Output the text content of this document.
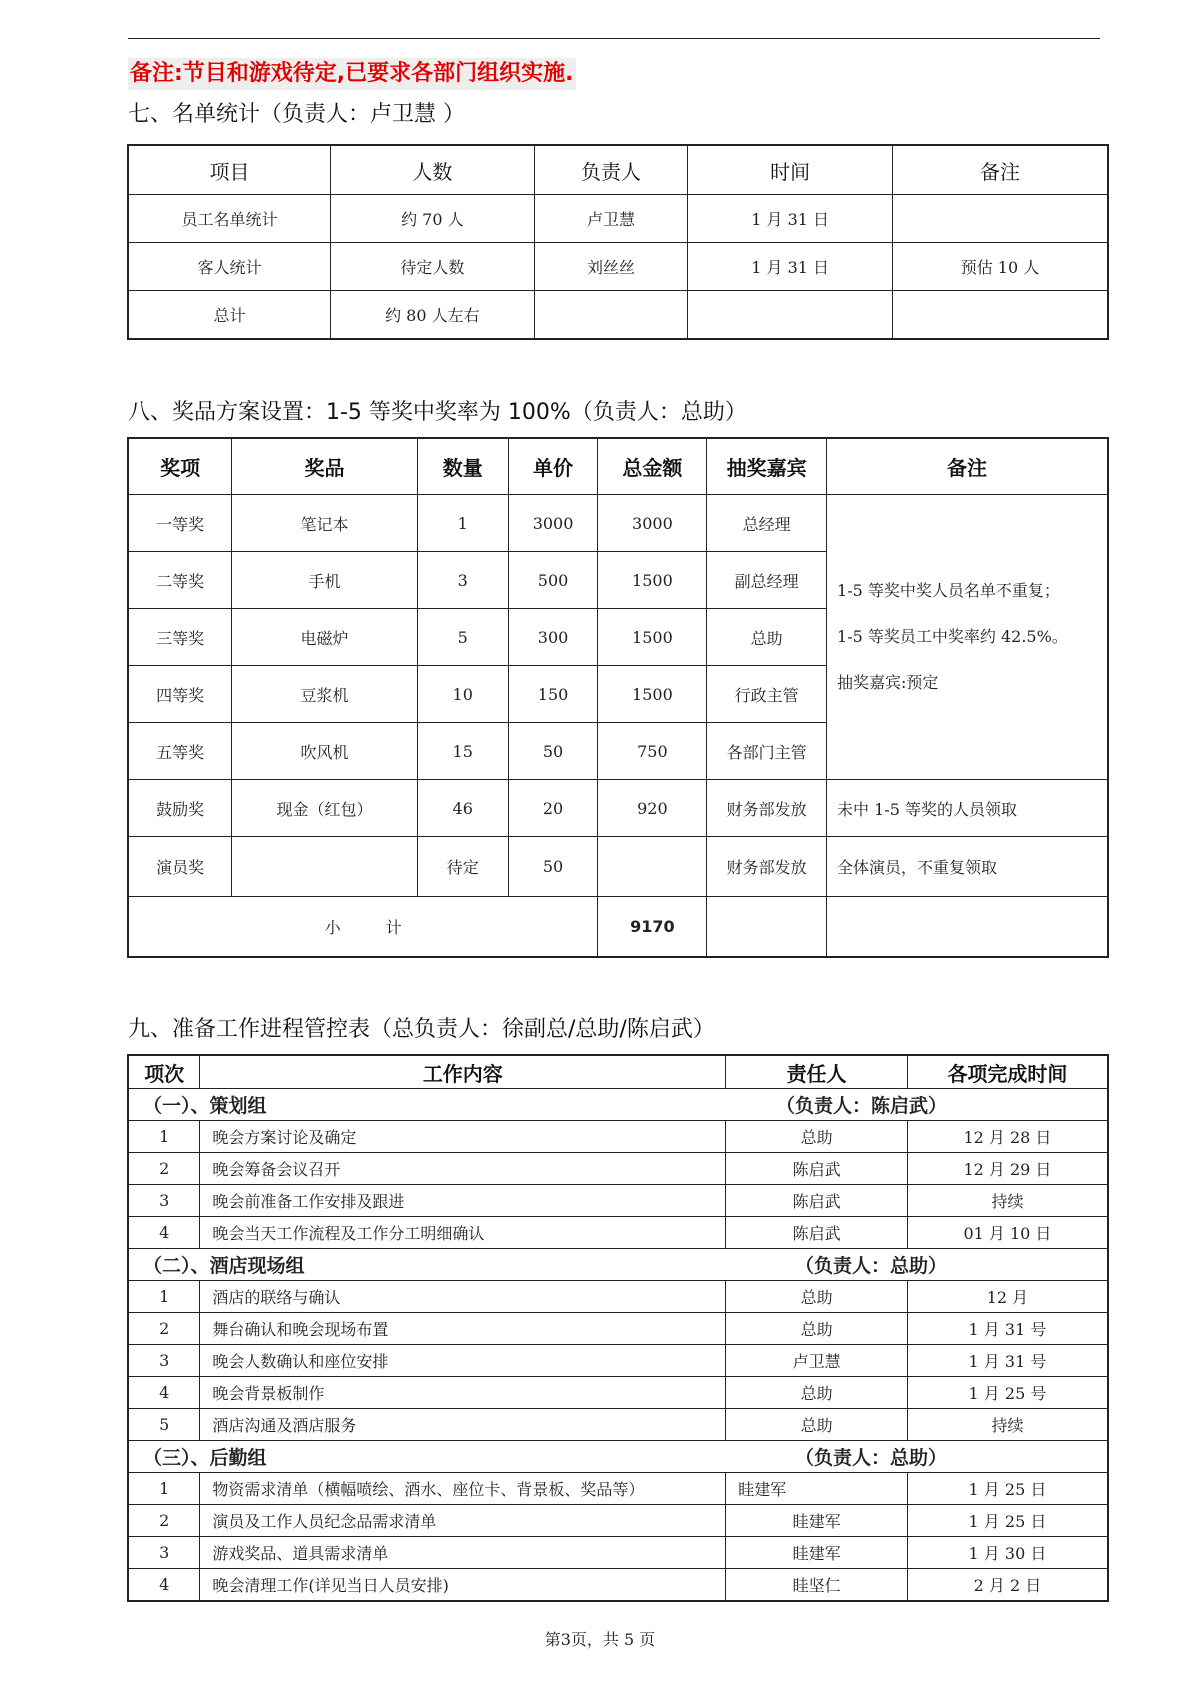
备注:节目和游戏待定,已要求各部门组织实施.
七、名单统计（负责人：卢卫慧 ）
项目	人数	负责人	时间	备注
员工名单统计	约 70 人	卢卫慧	1 月 31 日	
客人统计	待定人数	刘丝丝	1 月 31 日	预估 10 人
总计	约 80 人左右			
八、奖品方案设置：1-5 等奖中奖率为 100%（负责人：总助）
奖项	奖品	数量	单价	总金额	抽奖嘉宾	备注
一等奖	笔记本	1	3000	3000	总经理	1-5 等奖中奖人员名单不重复；
1-5 等奖员工中奖率约 42.5%。
抽奖嘉宾:预定

二等奖	手机	3	500	1500	副总经理	
三等奖	电磁炉	5	300	1500	总助	
四等奖	豆浆机	10	150	1500	行政主管	
五等奖	吹风机	15	50	750	各部门主管	
鼓励奖	现金（红包）	46	20	920	财务部发放	未中 1-5 等奖的人员领取
演员奖		待定	50		财务部发放	全体演员，不重复领取
小 计				9170		
九、准备工作进程管控表（总负责人：徐副总/总助/陈启武）
项次	工作内容	责任人	各项完成时间
（一）、策划组 （负责人：陈启武）			

1	晚会方案讨论及确定	总助	12 月 28 日
2	晚会筹备会议召开	陈启武	12 月 29 日
3	晚会前准备工作安排及跟进	陈启武	持续
4	晚会当天工作流程及工作分工明细确认	陈启武	01 月 10 日
（二）、酒店现场组 （负责人：总助）			

1	酒店的联络与确认	总助	12 月
2	舞台确认和晚会现场布置	总助	1 月 31 号
3	晚会人数确认和座位安排	卢卫慧	1 月 31 号
4	晚会背景板制作	总助	1 月 25 号
5	酒店沟通及酒店服务	总助	持续
（三）、后勤组 （负责人：总助）			

1	物资需求清单（横幅喷绘、酒水、座位卡、背景板、奖品等）	眭建军	1 月 25 日
2	演员及工作人员纪念品需求清单	眭建军	1 月 25 日
3	游戏奖品、道具需求清单	眭建军	1 月 30 日
4	晚会清理工作(详见当日人员安排)	眭坚仁	2 月 2 日
第3页，共 5 页
